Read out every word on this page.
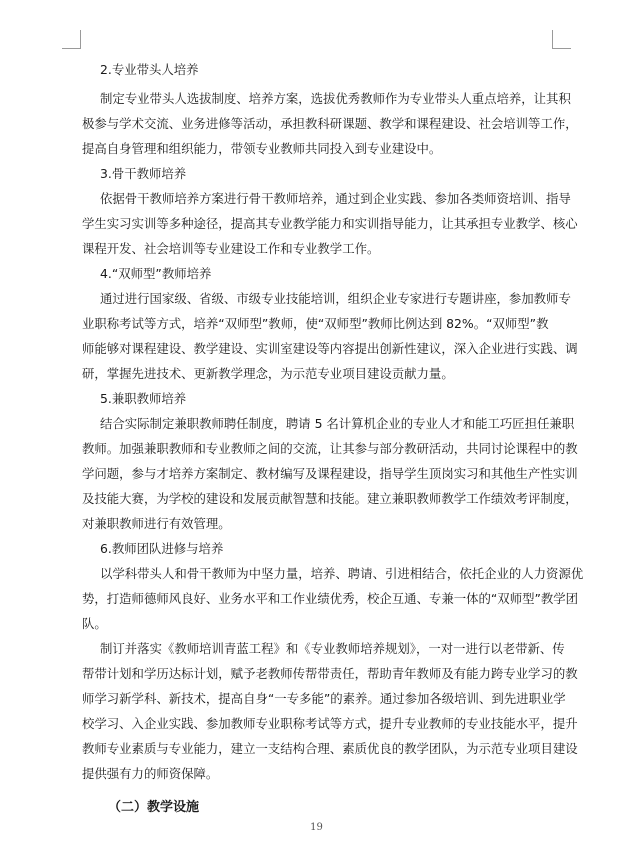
2.专业带头人培养
制定专业带头人选拔制度、培养方案，选拔优秀教师作为专业带头人重点培养，让其积
极参与学术交流、业务进修等活动，承担教科研课题、教学和课程建设、社会培训等工作，
提高自身管理和组织能力，带领专业教师共同投入到专业建设中。
3.骨干教师培养
依据骨干教师培养方案进行骨干教师培养，通过到企业实践、参加各类师资培训、指导
学生实习实训等多种途径，提高其专业教学能力和实训指导能力，让其承担专业教学、核心
课程开发、社会培训等专业建设工作和专业教学工作。
4.“双师型”教师培养
通过进行国家级、省级、市级专业技能培训，组织企业专家进行专题讲座，参加教师专
业职称考试等方式，培养“双师型”教师，使“双师型”教师比例达到 82%。“双师型”教
师能够对课程建设、教学建设、实训室建设等内容提出创新性建议，深入企业进行实践、调
研，掌握先进技术、更新教学理念，为示范专业项目建设贡献力量。
5.兼职教师培养
结合实际制定兼职教师聘任制度，聘请 5 名计算机企业的专业人才和能工巧匠担任兼职
教师。加强兼职教师和专业教师之间的交流，让其参与部分教研活动，共同讨论课程中的教
学问题，参与才培养方案制定、教材编写及课程建设，指导学生顶岗实习和其他生产性实训
及技能大赛，为学校的建设和发展贡献智慧和技能。建立兼职教师教学工作绩效考评制度，
对兼职教师进行有效管理。
6.教师团队进修与培养
以学科带头人和骨干教师为中坚力量，培养、聘请、引进相结合，依托企业的人力资源优
势，打造师德师风良好、业务水平和工作业绩优秀，校企互通、专兼一体的“双师型”教学团
队。
制订并落实《教师培训青蓝工程》和《专业教师培养规划》，一对一进行以老带新、传
帮带计划和学历达标计划，赋予老教师传帮带责任，帮助青年教师及有能力跨专业学习的教
师学习新学科、新技术，提高自身“一专多能”的素养。通过参加各级培训、到先进职业学
校学习、入企业实践、参加教师专业职称考试等方式，提升专业教师的专业技能水平，提升
教师专业素质与专业能力，建立一支结构合理、素质优良的教学团队，为示范专业项目建设
提供强有力的师资保障。
（二）教学设施
19
